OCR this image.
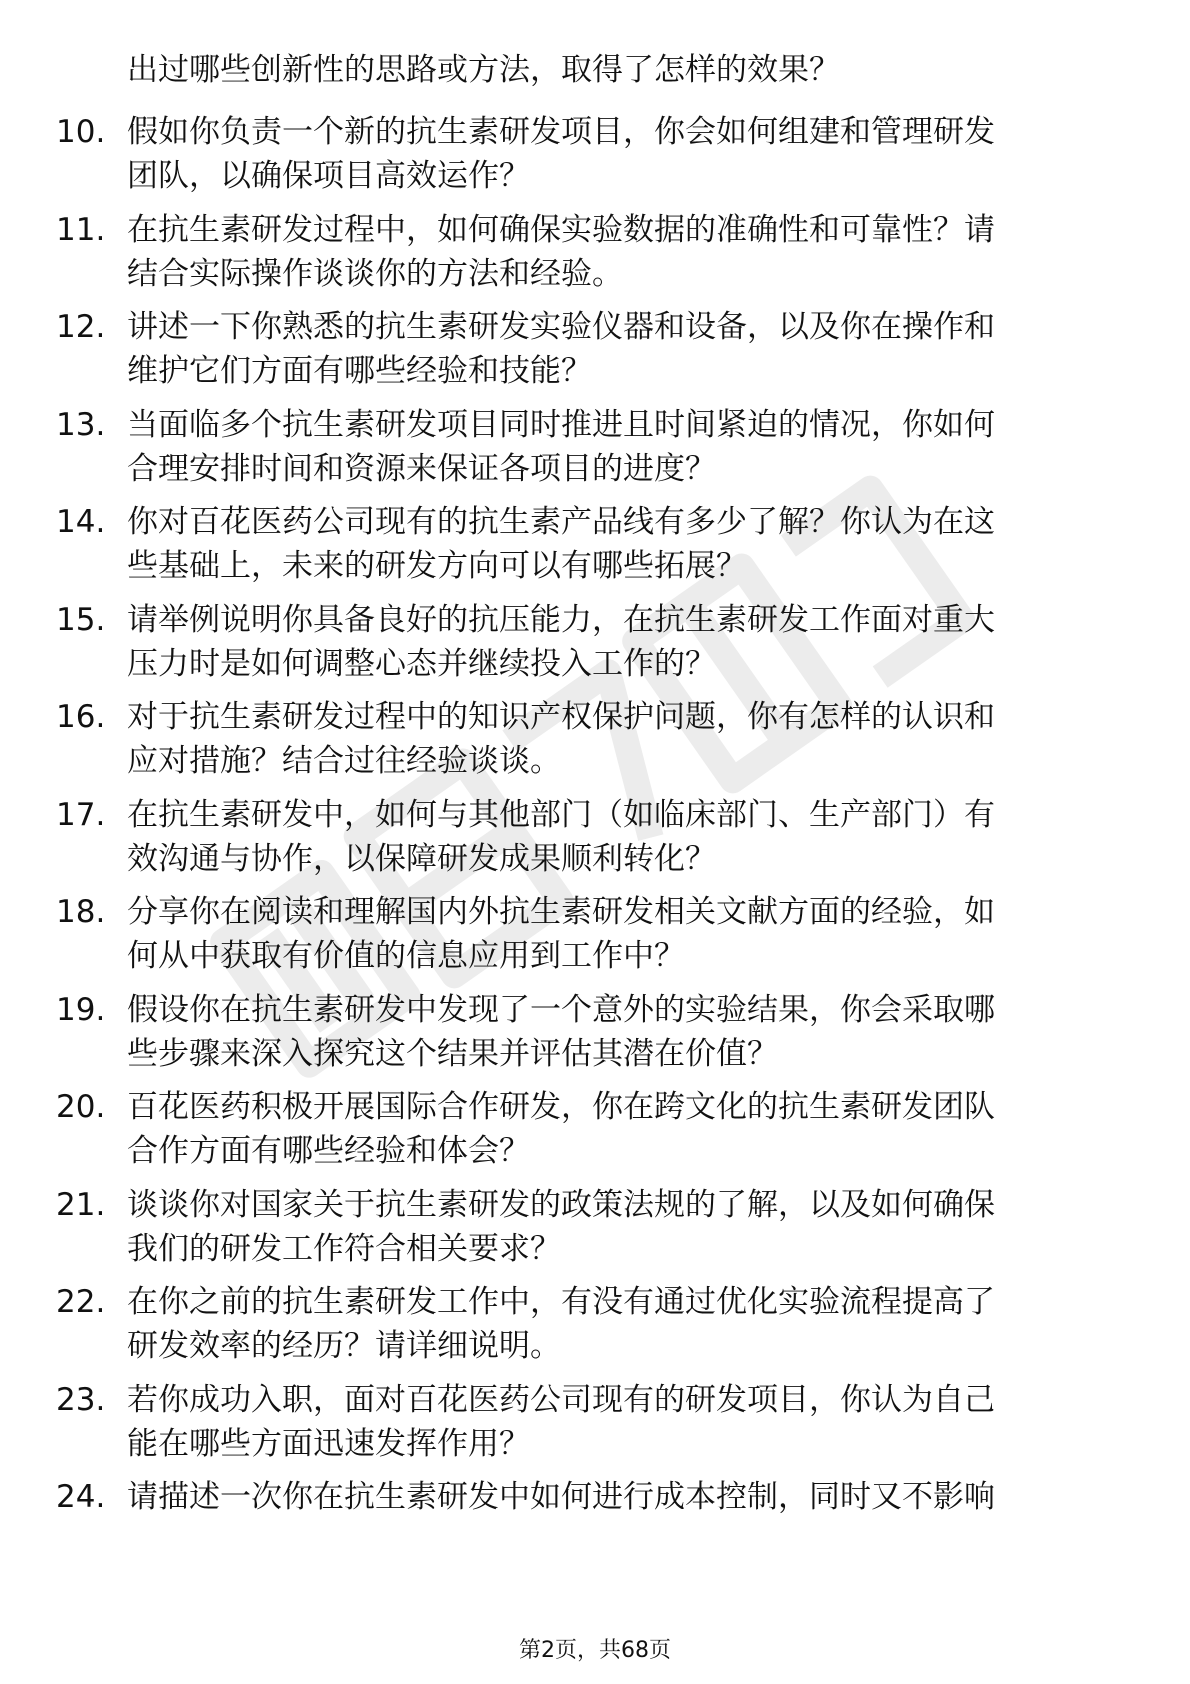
出过哪些创新性的思路或方法，取得了怎样的效果？
10. 假如你负责一个新的抗生素研发项目，你会如何组建和管理研发
团队，以确保项目高效运作？
11. 在抗生素研发过程中，如何确保实验数据的准确性和可靠性？请
结合实际操作谈谈你的方法和经验。
12. 讲述一下你熟悉的抗生素研发实验仪器和设备，以及你在操作和
维护它们方面有哪些经验和技能？
13. 当面临多个抗生素研发项目同时推进且时间紧迫的情况，你如何
合理安排时间和资源来保证各项目的进度？
14. 你对百花医药公司现有的抗生素产品线有多少了解？你认为在这
些基础上，未来的研发方向可以有哪些拓展？
15. 请举例说明你具备良好的抗压能力，在抗生素研发工作面对重大
压力时是如何调整心态并继续投入工作的？
16. 对于抗生素研发过程中的知识产权保护问题，你有怎样的认识和
应对措施？结合过往经验谈谈。
17. 在抗生素研发中，如何与其他部门（如临床部门、生产部门）有
效沟通与协作，以保障研发成果顺利转化？
18. 分享你在阅读和理解国内外抗生素研发相关文献方面的经验，如
何从中获取有价值的信息应用到工作中？
19. 假设你在抗生素研发中发现了一个意外的实验结果，你会采取哪
些步骤来深入探究这个结果并评估其潜在价值？
20. 百花医药积极开展国际合作研发，你在跨文化的抗生素研发团队
合作方面有哪些经验和体会？
21. 谈谈你对国家关于抗生素研发的政策法规的了解，以及如何确保
我们的研发工作符合相关要求？
22. 在你之前的抗生素研发工作中，有没有通过优化实验流程提高了
研发效率的经历？请详细说明。
23. 若你成功入职，面对百花医药公司现有的研发项目，你认为自己
能在哪些方面迅速发挥作用？
24. 请描述一次你在抗生素研发中如何进行成本控制，同时又不影响
第2页，共68页
